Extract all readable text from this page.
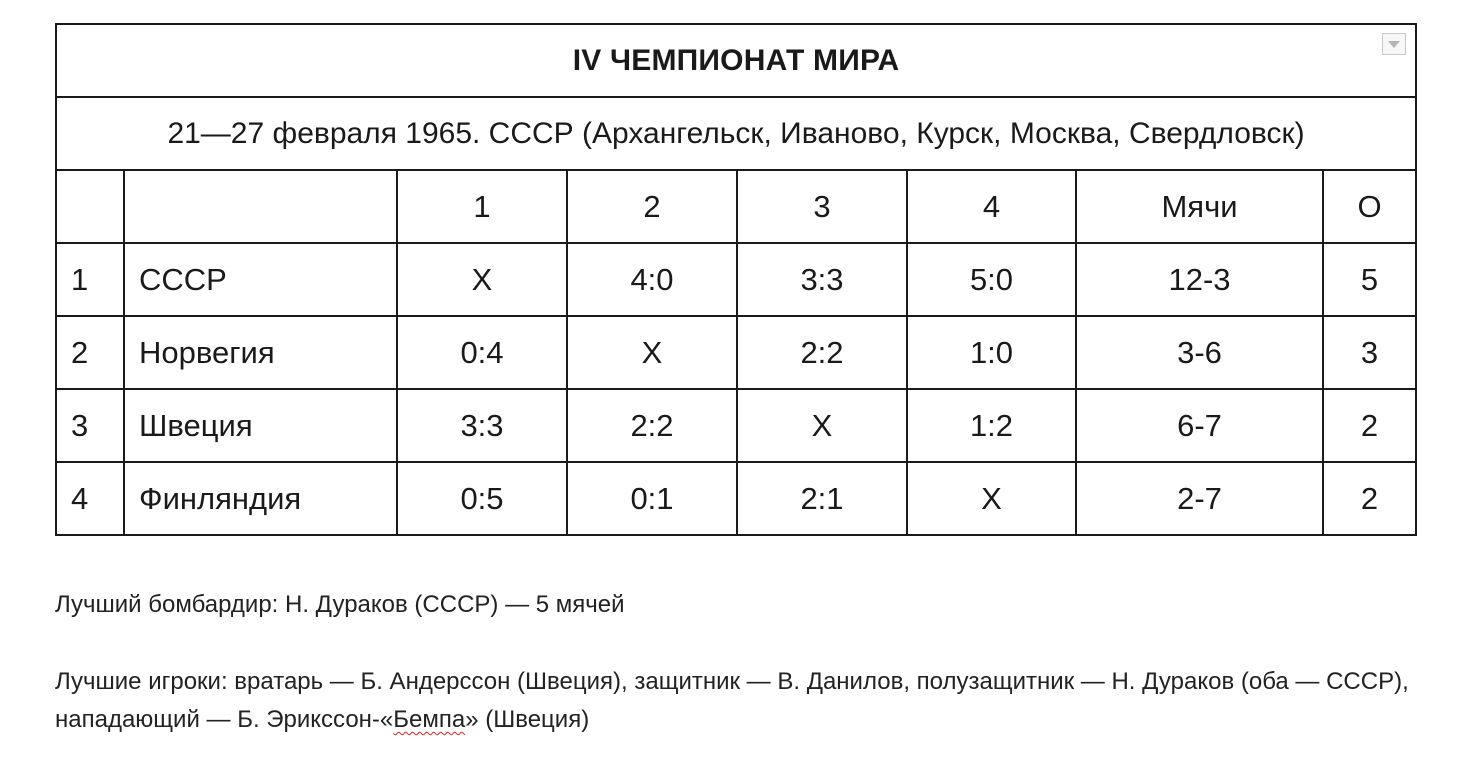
IV ЧЕМПИОНАТ МИРА							
21—27 февраля 1965. СССР (Архангельск, Иваново, Курск, Москва, Свердловск)							
		1	2	3	4	Мячи	О
1	СССР	X	4:0	3:3	5:0	12-3	5
2	Норвегия	0:4	X	2:2	1:0	3-6	3
3	Швеция	3:3	2:2	X	1:2	6-7	2
4	Финляндия	0:5	0:1	2:1	X	2-7	2
Лучший бомбардир: Н. Дураков (СССР) — 5 мячей
Лучшие игроки: вратарь — Б. Андерссон (Швеция), защитник — В. Данилов, полузащитник — Н. Дураков (оба — СССР), нападающий — Б. Эрикссон-«Бемпа» (Швеция)
